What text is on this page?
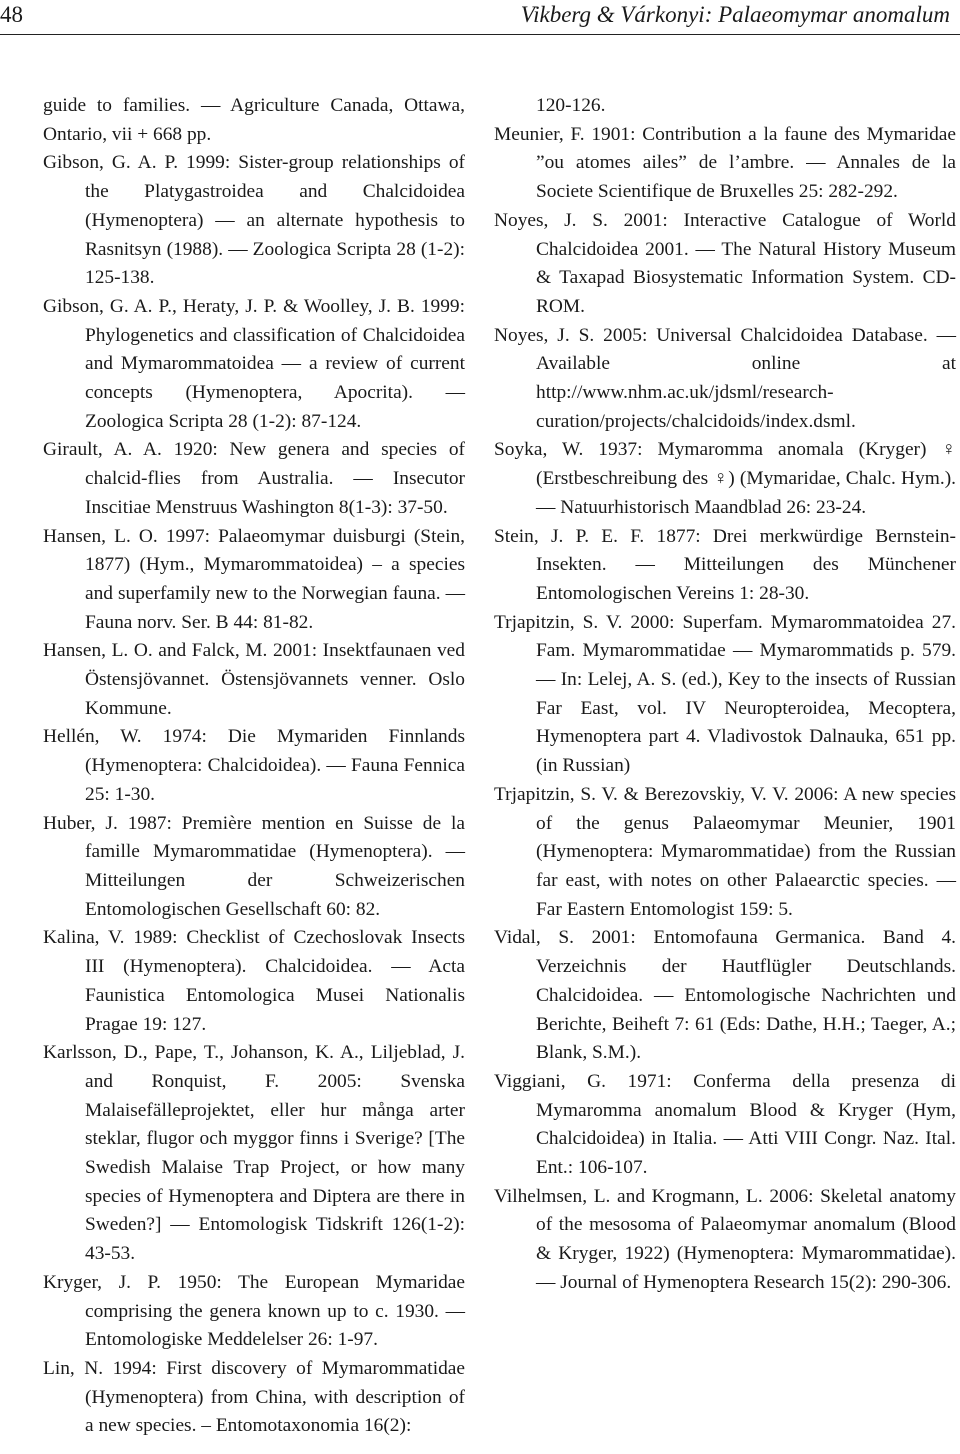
48	Vikberg & Várkonyi: Palaeomymar anomalum
guide to families. — Agriculture Canada, Ottawa, Ontario, vii + 668 pp.
Gibson, G. A. P. 1999: Sister-group relationships of the Platygastroidea and Chalcidoidea (Hymenoptera) — an alternate hypothesis to Rasnitsyn (1988). — Zoologica Scripta 28 (1-2): 125-138.
Gibson, G. A. P., Heraty, J. P. & Woolley, J. B. 1999: Phylogenetics and classification of Chalcidoidea and Mymarommatoidea — a review of current concepts (Hymenoptera, Apocrita). — Zoologica Scripta 28 (1-2): 87-124.
Girault, A. A. 1920: New genera and species of chalcid-flies from Australia. — Insecutor Inscitiae Menstruus Washington 8(1-3): 37-50.
Hansen, L. O. 1997: Palaeomymar duisburgi (Stein, 1877) (Hym., Mymarommatoidea) – a species and superfamily new to the Norwegian fauna. — Fauna norv. Ser. B 44: 81-82.
Hansen, L. O. and Falck, M. 2001: Insektfaunaen ved Östensjövannet. Östensjövannets venner. Oslo Kommune.
Hellén, W. 1974: Die Mymariden Finnlands (Hymenoptera: Chalcidoidea). — Fauna Fennica 25: 1-30.
Huber, J. 1987: Première mention en Suisse de la famille Mymarommatidae (Hymenoptera). — Mitteilungen der Schweizerischen Entomologischen Gesellschaft 60: 82.
Kalina, V. 1989: Checklist of Czechoslovak Insects III (Hymenoptera). Chalcidoidea. — Acta Faunistica Entomologica Musei Nationalis Pragae 19: 127.
Karlsson, D., Pape, T., Johanson, K. A., Liljeblad, J. and Ronquist, F. 2005: Svenska Malaisefälleprojektet, eller hur många arter steklar, flugor och myggor finns i Sverige? [The Swedish Malaise Trap Project, or how many species of Hymenoptera and Diptera are there in Sweden?] — Entomologisk Tidskrift 126(1-2): 43-53.
Kryger, J. P. 1950: The European Mymaridae comprising the genera known up to c. 1930. — Entomologiske Meddelelser 26: 1-97.
Lin, N. 1994: First discovery of Mymarommatidae (Hymenoptera) from China, with description of a new species. – Entomotaxonomia 16(2):
120-126.
Meunier, F. 1901: Contribution a la faune des Mymaridae ”ou atomes ailes” de l’ambre. — Annales de la Societe Scientifique de Bruxelles 25: 282-292.
Noyes, J. S. 2001: Interactive Catalogue of World Chalcidoidea 2001. — The Natural History Museum & Taxapad Biosystematic Information System. CD-ROM.
Noyes, J. S. 2005: Universal Chalcidoidea Database. — Available online at http://www.nhm.ac.uk/jdsml/research-curation/projects/chalcidoids/index.dsml.
Soyka, W. 1937: Mymaromma anomala (Kryger) ♀ (Erstbeschreibung des ♀) (Mymaridae, Chalc. Hym.). — Natuurhistorisch Maandblad 26: 23-24.
Stein, J. P. E. F. 1877: Drei merkwürdige Bernstein-Insekten. — Mitteilungen des Münchener Entomologischen Vereins 1: 28-30.
Trjapitzin, S. V. 2000: Superfam. Mymarommatoidea 27. Fam. Mymarommatidae — Mymarommatids p. 579. — In: Lelej, A. S. (ed.), Key to the insects of Russian Far East, vol. IV Neuropteroidea, Mecoptera, Hymenoptera part 4. Vladivostok Dalnauka, 651 pp. (in Russian)
Trjapitzin, S. V. & Berezovskiy, V. V. 2006: A new species of the genus Palaeomymar Meunier, 1901 (Hymenoptera: Mymarommatidae) from the Russian far east, with notes on other Palaearctic species. — Far Eastern Entomologist 159: 5.
Vidal, S. 2001: Entomofauna Germanica. Band 4. Verzeichnis der Hautflügler Deutschlands. Chalcidoidea. — Entomologische Nachrichten und Berichte, Beiheft 7: 61 (Eds: Dathe, H.H.; Taeger, A.; Blank, S.M.).
Viggiani, G. 1971: Conferma della presenza di Mymaromma anomalum Blood & Kryger (Hym, Chalcidoidea) in Italia. — Atti VIII Congr. Naz. Ital. Ent.: 106-107.
Vilhelmsen, L. and Krogmann, L. 2006: Skeletal anatomy of the mesosoma of Palaeomymar anomalum (Blood & Kryger, 1922) (Hymenoptera: Mymarommatidae). — Journal of Hymenoptera Research 15(2): 290-306.
